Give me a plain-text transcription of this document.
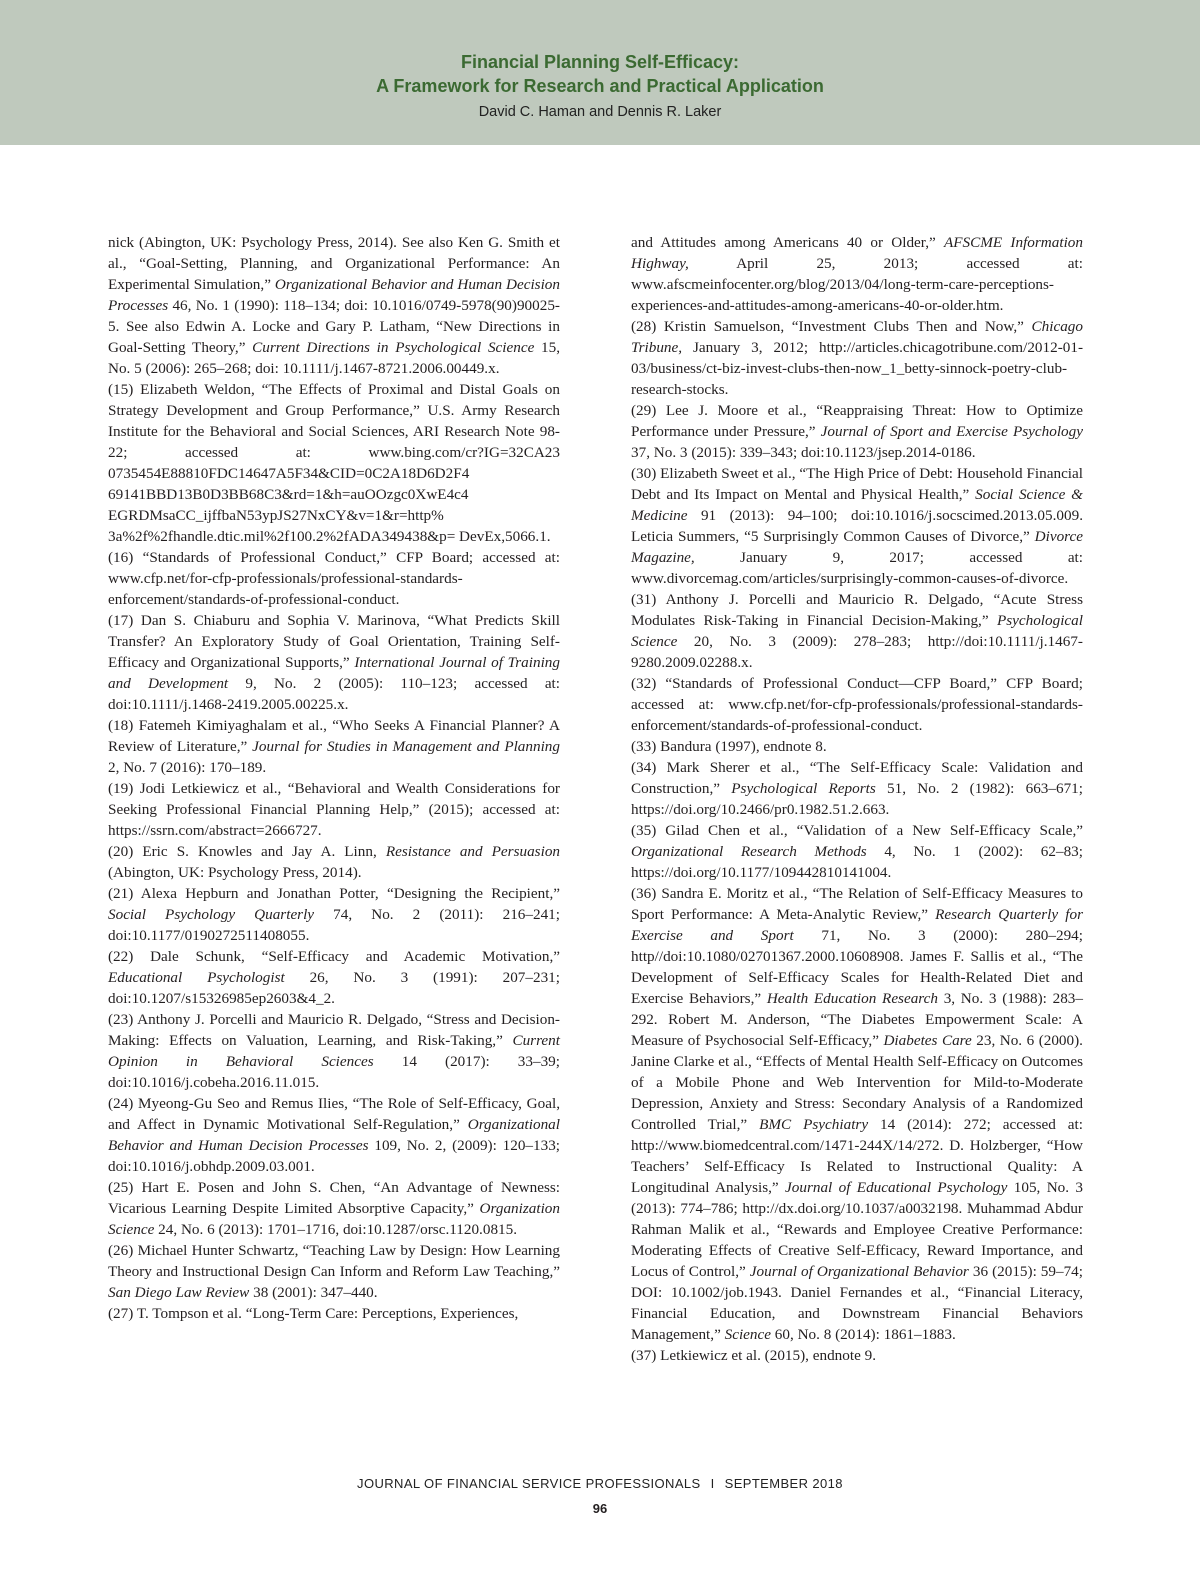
Financial Planning Self-Efficacy:
A Framework for Research and Practical Application
David C. Haman and Dennis R. Laker

nick (Abington, UK: Psychology Press, 2014). See also Ken G. Smith et al., “Goal-Setting, Planning, and Organizational Performance: An Experimental Simulation,” Organizational Behavior and Human Decision Processes 46, No. 1 (1990): 118–134; doi: 10.1016/0749-5978(90)90025-5. See also Edwin A. Locke and Gary P. Latham, “New Directions in Goal-Setting Theory,” Current Directions in Psychological Science 15, No. 5 (2006): 265–268; doi: 10.1111/j.1467-8721.2006.00449.x.

(15) Elizabeth Weldon, “The Effects of Proximal and Distal Goals on Strategy Development and Group Performance,” U.S. Army Research Institute for the Behavioral and Social Sciences, ARI Research Note 98-22; accessed at: www.bing.com/cr?IG=32CA23 0735454E88810FDC14647A5F34&CID=0C2A18D6D2F4 69141BBD13B0D3BB68C3&rd=1&h=auOOzgc0XwE4c4 EGRDMsaCC_ijffbaN53ypJS27NxCY&v=1&r=http% 3a%2f%2fhandle.dtic.mil%2f100.2%2fADA349438&p= DevEx,5066.1.

(16) “Standards of Professional Conduct,” CFP Board; accessed at: www.cfp.net/for-cfp-professionals/professional-standards-enforcement/standards-of-professional-conduct.

(17) Dan S. Chiaburu and Sophia V. Marinova, “What Predicts Skill Transfer? An Exploratory Study of Goal Orientation, Training Self-Efficacy and Organizational Supports,” International Journal of Training and Development 9, No. 2 (2005): 110–123; accessed at: doi:10.1111/j.1468-2419.2005.00225.x.

(18) Fatemeh Kimiyaghalam et al., “Who Seeks A Financial Planner? A Review of Literature,” Journal for Studies in Management and Planning 2, No. 7 (2016): 170–189.

(19) Jodi Letkiewicz et al., “Behavioral and Wealth Considerations for Seeking Professional Financial Planning Help,” (2015); accessed at: https://ssrn.com/abstract=2666727.

(20) Eric S. Knowles and Jay A. Linn, Resistance and Persuasion (Abington, UK: Psychology Press, 2014).

(21) Alexa Hepburn and Jonathan Potter, “Designing the Recipient,” Social Psychology Quarterly 74, No. 2 (2011): 216–241; doi:10.1177/0190272511408055.

(22) Dale Schunk, “Self-Efficacy and Academic Motivation,” Educational Psychologist 26, No. 3 (1991): 207–231; doi:10.1207/s15326985ep2603&4_2.

(23) Anthony J. Porcelli and Mauricio R. Delgado, “Stress and Decision-Making: Effects on Valuation, Learning, and Risk-Taking,” Current Opinion in Behavioral Sciences 14 (2017): 33–39; doi:10.1016/j.cobeha.2016.11.015.

(24) Myeong-Gu Seo and Remus Ilies, “The Role of Self-Efficacy, Goal, and Affect in Dynamic Motivational Self-Regulation,” Organizational Behavior and Human Decision Processes 109, No. 2, (2009): 120–133; doi:10.1016/j.obhdp.2009.03.001.

(25) Hart E. Posen and John S. Chen, “An Advantage of Newness: Vicarious Learning Despite Limited Absorptive Capacity,” Organization Science 24, No. 6 (2013): 1701–1716, doi:10.1287/orsc.1120.0815.

(26) Michael Hunter Schwartz, “Teaching Law by Design: How Learning Theory and Instructional Design Can Inform and Reform Law Teaching,” San Diego Law Review 38 (2001): 347–440.

(27) T. Tompson et al. “Long-Term Care: Perceptions, Experiences,

and Attitudes among Americans 40 or Older,” AFSCME Information Highway, April 25, 2013; accessed at: www.afscmeinfocenter.org/blog/2013/04/long-term-care-perceptions-experiences-and-attitudes-among-americans-40-or-older.htm.

(28) Kristin Samuelson, “Investment Clubs Then and Now,” Chicago Tribune, January 3, 2012; http://articles.chicagotribune.com/2012-01-03/business/ct-biz-invest-clubs-then-now_1_betty-sinnock-poetry-club-research-stocks.

(29) Lee J. Moore et al., “Reappraising Threat: How to Optimize Performance under Pressure,” Journal of Sport and Exercise Psychology 37, No. 3 (2015): 339–343; doi:10.1123/jsep.2014-0186.

(30) Elizabeth Sweet et al., “The High Price of Debt: Household Financial Debt and Its Impact on Mental and Physical Health,” Social Science & Medicine 91 (2013): 94–100; doi:10.1016/j.socscimed.2013.05.009. Leticia Summers, “5 Surprisingly Common Causes of Divorce,” Divorce Magazine, January 9, 2017; accessed at: www.divorcemag.com/articles/surprisingly-common-causes-of-divorce.

(31) Anthony J. Porcelli and Mauricio R. Delgado, “Acute Stress Modulates Risk-Taking in Financial Decision-Making,” Psychological Science 20, No. 3 (2009): 278–283; http://doi:10.1111/j.1467-9280.2009.02288.x.

(32) “Standards of Professional Conduct—CFP Board,” CFP Board; accessed at: www.cfp.net/for-cfp-professionals/professional-standards-enforcement/standards-of-professional-conduct.

(33) Bandura (1997), endnote 8.

(34) Mark Sherer et al., “The Self-Efficacy Scale: Validation and Construction,” Psychological Reports 51, No. 2 (1982): 663–671; https://doi.org/10.2466/pr0.1982.51.2.663.

(35) Gilad Chen et al., “Validation of a New Self-Efficacy Scale,” Organizational Research Methods 4, No. 1 (2002): 62–83; https://doi.org/10.1177/109442810141004.

(36) Sandra E. Moritz et al., “The Relation of Self-Efficacy Measures to Sport Performance: A Meta-Analytic Review,” Research Quarterly for Exercise and Sport 71, No. 3 (2000): 280–294; http//doi:10.1080/02701367.2000.10608908. James F. Sallis et al., “The Development of Self-Efficacy Scales for Health-Related Diet and Exercise Behaviors,” Health Education Research 3, No. 3 (1988): 283–292. Robert M. Anderson, “The Diabetes Empowerment Scale: A Measure of Psychosocial Self-Efficacy,” Diabetes Care 23, No. 6 (2000). Janine Clarke et al., “Effects of Mental Health Self-Efficacy on Outcomes of a Mobile Phone and Web Intervention for Mild-to-Moderate Depression, Anxiety and Stress: Secondary Analysis of a Randomized Controlled Trial,” BMC Psychiatry 14 (2014): 272; accessed at: http://www.biomedcentral.com/1471-244X/14/272. D. Holzberger, “How Teachers’ Self-Efficacy Is Related to Instructional Quality: A Longitudinal Analysis,” Journal of Educational Psychology 105, No. 3 (2013): 774–786; http://dx.doi.org/10.1037/a0032198. Muhammad Abdur Rahman Malik et al., “Rewards and Employee Creative Performance: Moderating Effects of Creative Self-Efficacy, Reward Importance, and Locus of Control,” Journal of Organizational Behavior 36 (2015): 59–74; DOI: 10.1002/job.1943. Daniel Fernandes et al., “Financial Literacy, Financial Education, and Downstream Financial Behaviors Management,” Science 60, No. 8 (2014): 1861–1883.

(37) Letkiewicz et al. (2015), endnote 9.

JOURNAL OF FINANCIAL SERVICE PROFESSIONALS I SEPTEMBER 2018
96
